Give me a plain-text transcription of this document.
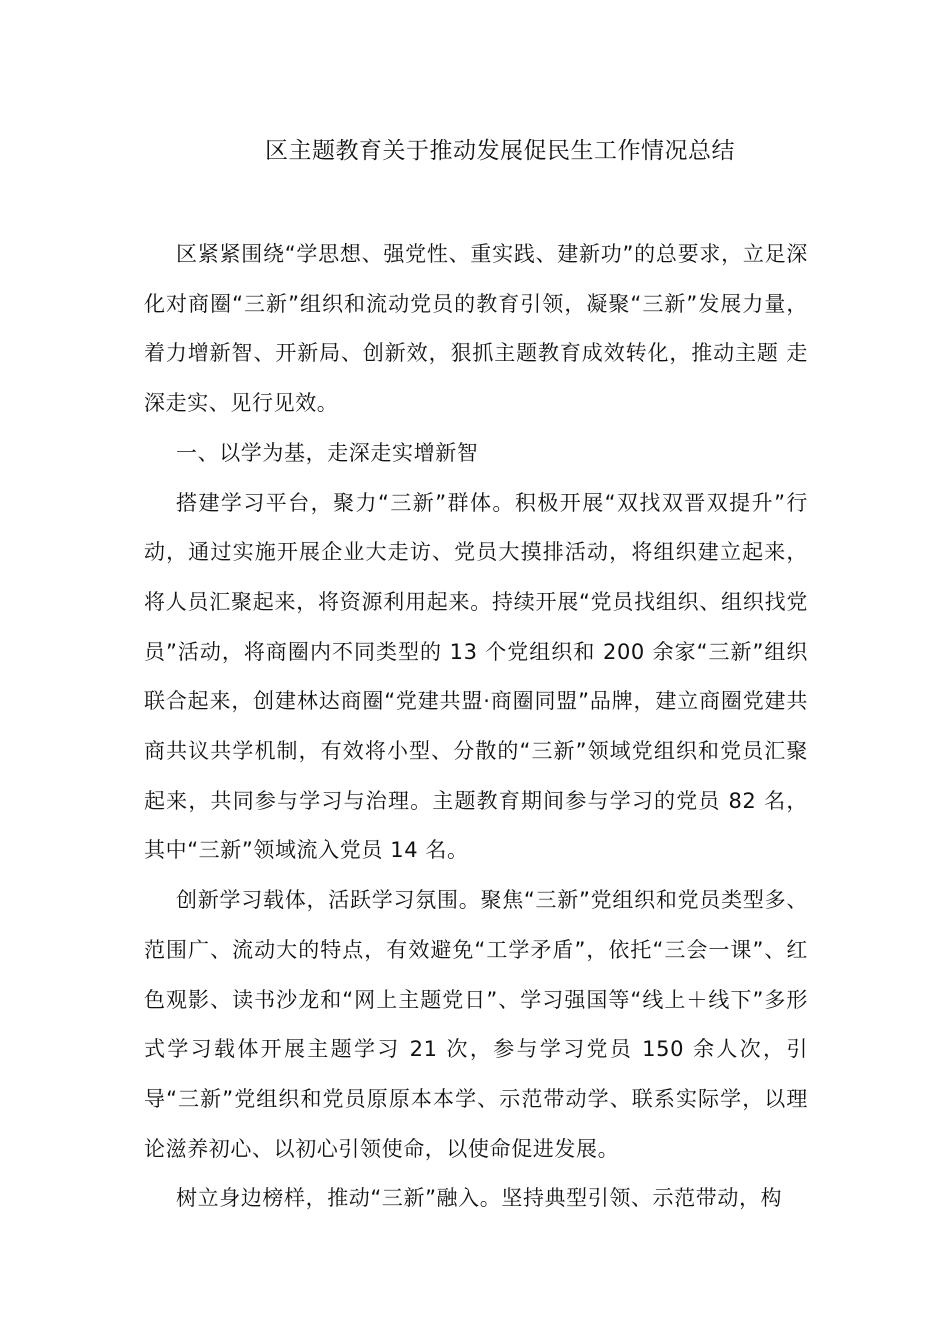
区主题教育关于推动发展促民生工作情况总结

区紧紧围绕“学思想、强党性、重实践、建新功”的总要求，立足深化对商圈“三新”组织和流动党员的教育引领，凝聚“三新”发展力量，着力增新智、开新局、创新效，狠抓主题教育成效转化，推动主题 走深走实、见行见效。

一、以学为基，走深走实增新智

搭建学习平台，聚力“三新”群体。积极开展“双找双晋双提升”行动，通过实施开展企业大走访、党员大摸排活动，将组织建立起来，将人员汇聚起来，将资源利用起来。持续开展“党员找组织、组织找党员”活动，将商圈内不同类型的 13 个党组织和 200 余家“三新”组织联合起来，创建林达商圈“党建共盟·商圈同盟”品牌，建立商圈党建共商共议共学机制，有效将小型、分散的“三新”领域党组织和党员汇聚起来，共同参与学习与治理。主题教育期间参与学习的党员 82 名，其中“三新”领域流入党员 14 名。

创新学习载体，活跃学习氛围。聚焦“三新”党组织和党员类型多、范围广、流动大的特点，有效避免“工学矛盾”，依托“三会一课”、红色观影、读书沙龙和“网上主题党日”、学习强国等“线上＋线下”多形式学习载体开展主题学习 21 次，参与学习党员 150 余人次，引导“三新”党组织和党员原原本本学、示范带动学、联系实际学，以理论滋养初心、以初心引领使命，以使命促进发展。

树立身边榜样，推动“三新”融入。坚持典型引领、示范带动，构
